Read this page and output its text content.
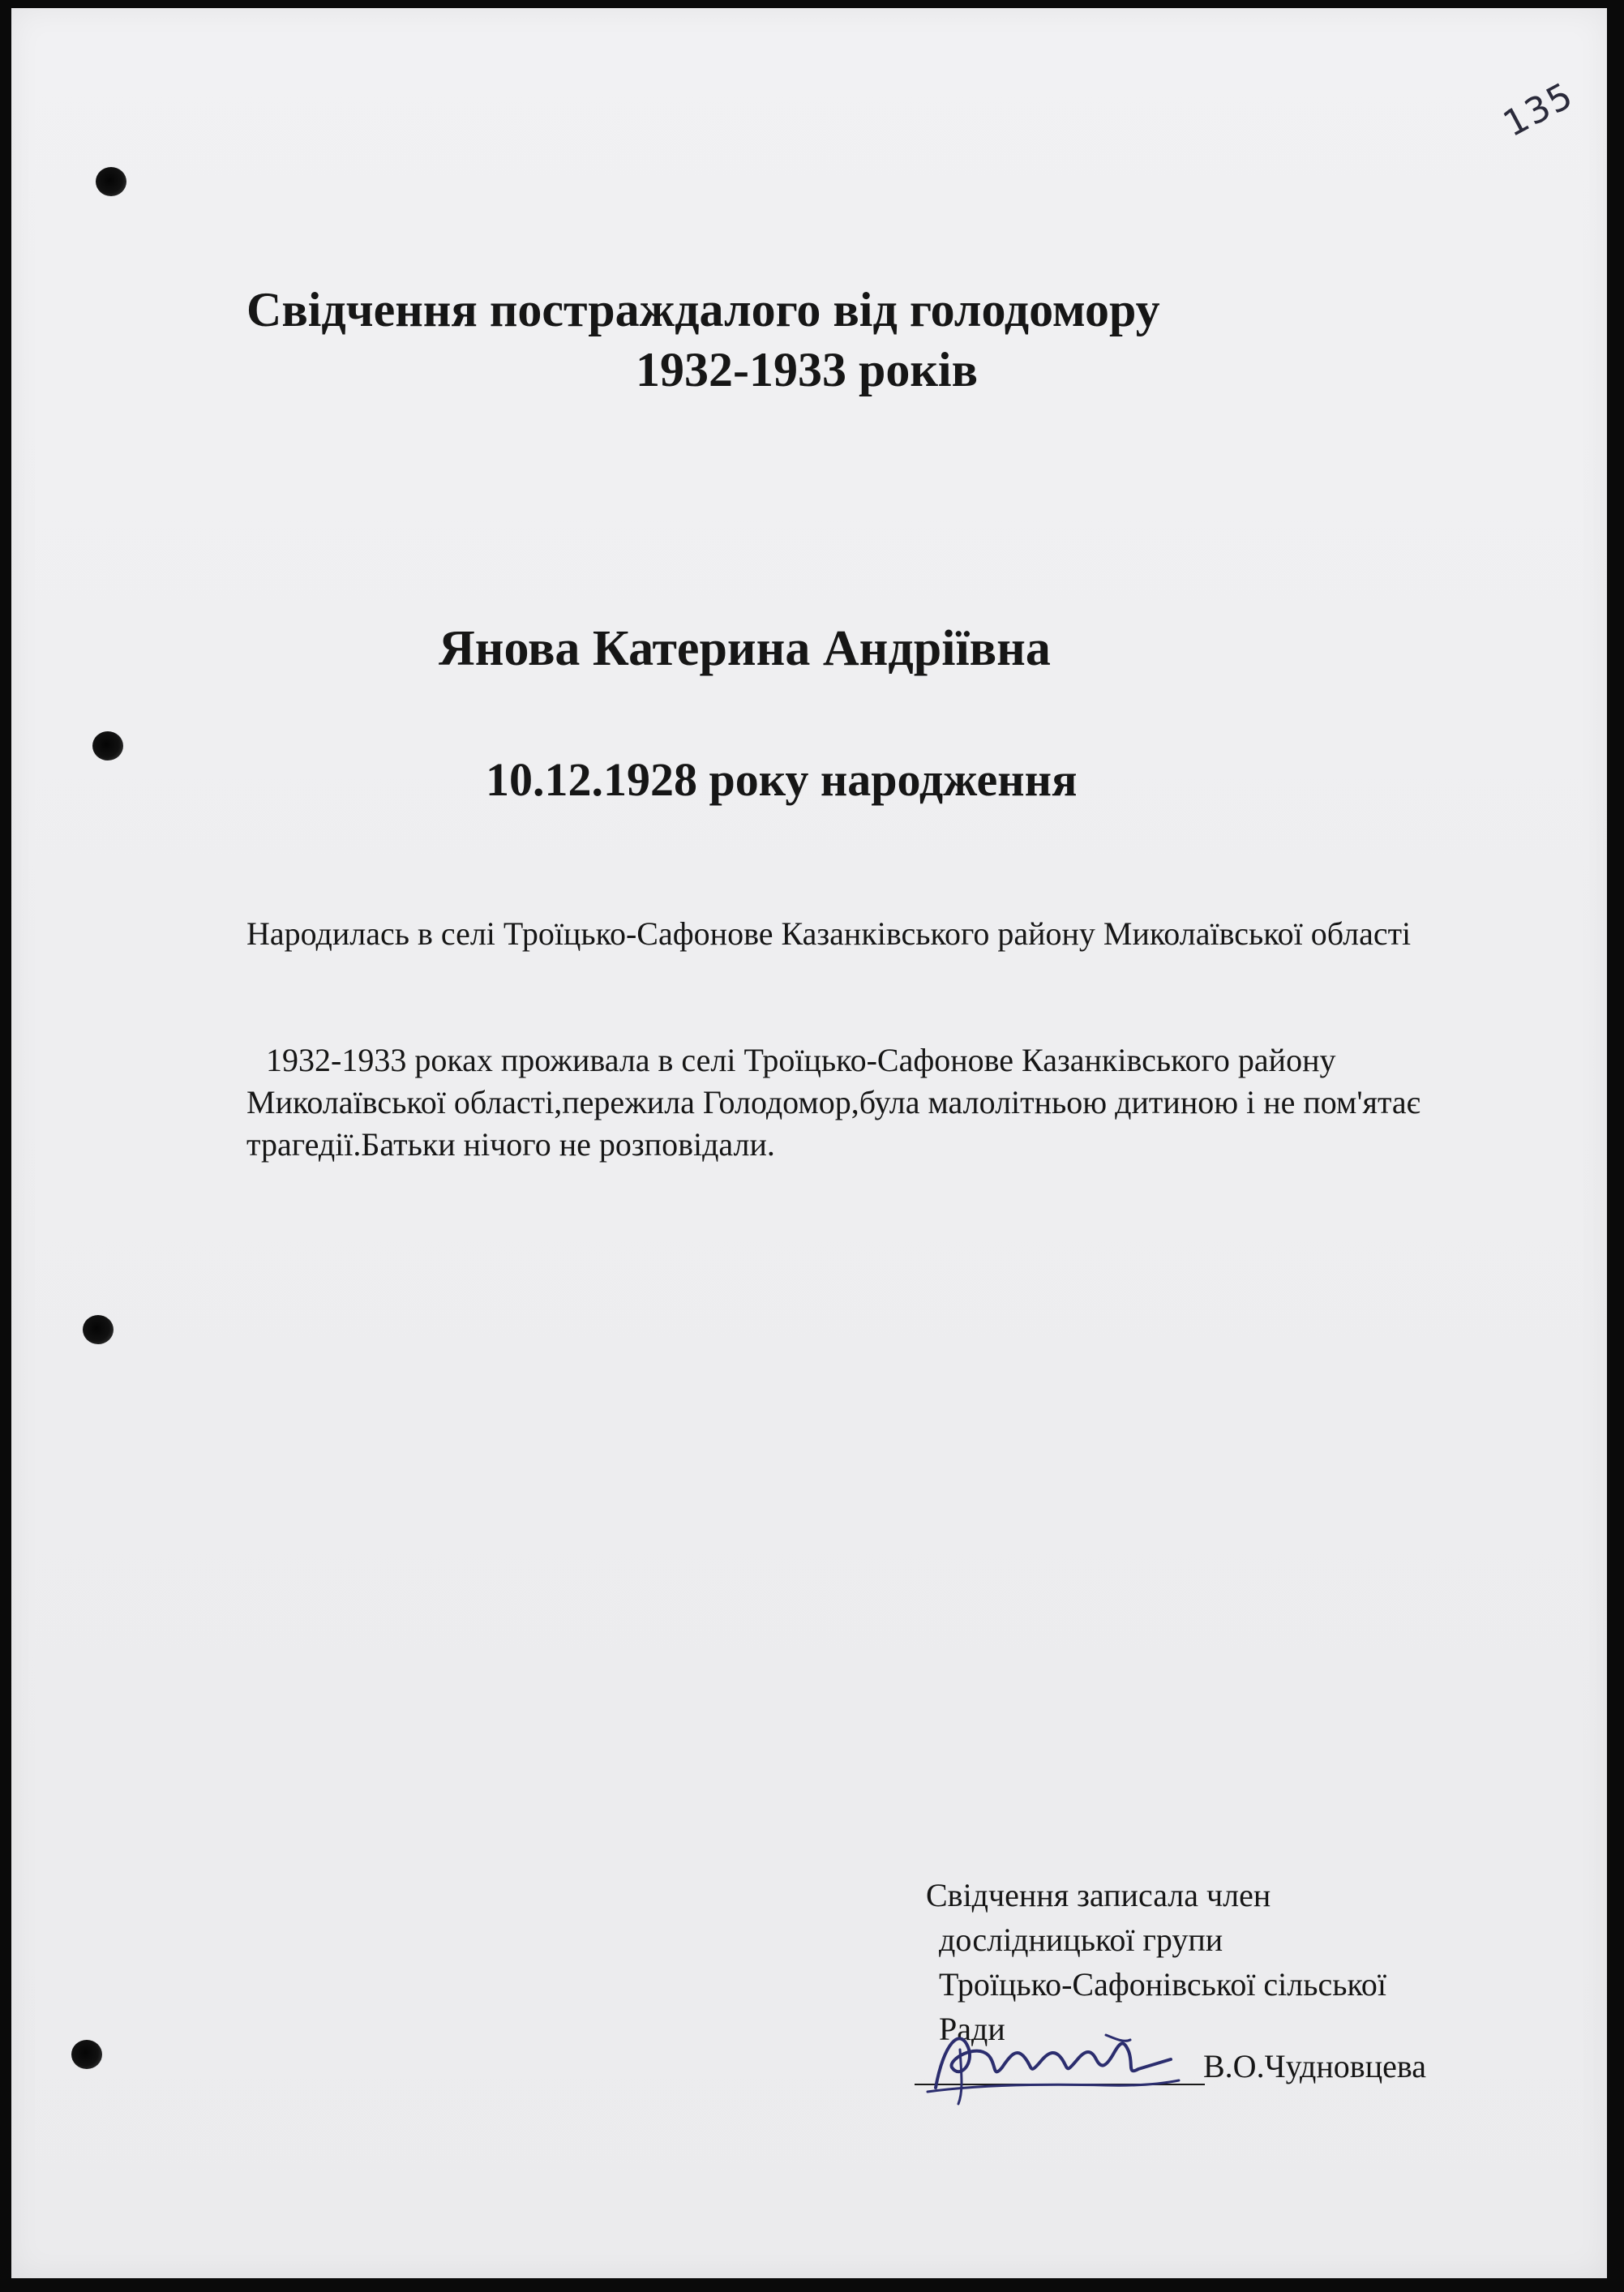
135
Свідчення постраждалого від голодомору
1932-1933 років
Янова Катерина Андріївна
10.12.1928 року народження
Народилась в селі Троїцько-Сафонове Казанківського району Миколаївської області
1932-1933 роках проживала в селі Троїцько-Сафонове Казанківського району Миколаївської області,пережила Голодомор,була малолітньою дитиною і не пом'ятає трагедії.Батьки нічого не розповідали.
Свідчення записала член
дослідницької групи
Троїцько-Сафонівської сільської
Ради
В.О.Чудновцева
